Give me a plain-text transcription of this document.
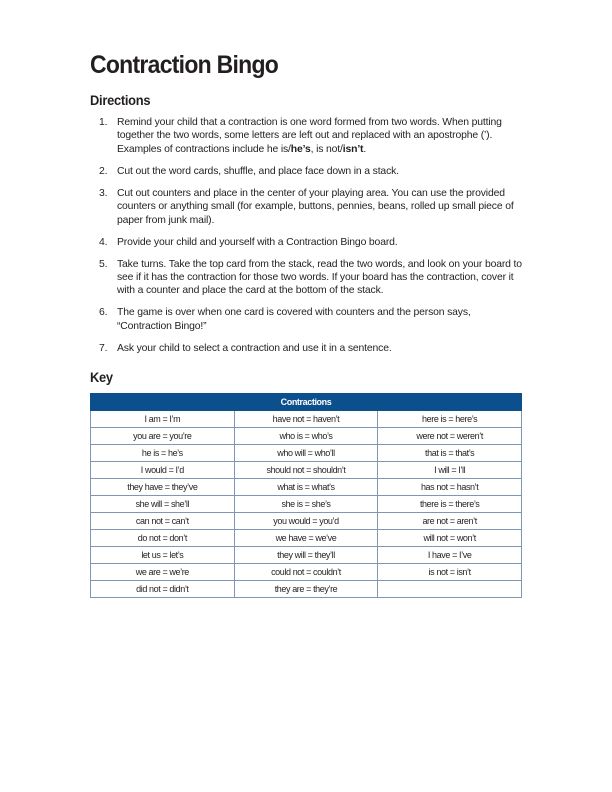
Contraction Bingo
Directions
1. Remind your child that a contraction is one word formed from two words. When putting together the two words, some letters are left out and replaced with an apostrophe (’). Examples of contractions include he is/he’s, is not/isn’t.
2. Cut out the word cards, shuffle, and place face down in a stack.
3. Cut out counters and place in the center of your playing area. You can use the provided counters or anything small (for example, buttons, pennies, beans, rolled up small piece of paper from junk mail).
4. Provide your child and yourself with a Contraction Bingo board.
5. Take turns. Take the top card from the stack, read the two words, and look on your board to see if it has the contraction for those two words. If your board has the contraction, cover it with a counter and place the card at the bottom of the stack.
6. The game is over when one card is covered with counters and the person says, “Contraction Bingo!”
7. Ask your child to select a contraction and use it in a sentence.
Key
Contractions		
I am = I’m	have not = haven’t	here is = here’s
you are = you’re	who is = who’s	were not = weren’t
he is = he’s	who will = who’ll	that is = that’s
I would = I’d	should not = shouldn’t	I will = I’ll
they have = they’ve	what is = what’s	has not = hasn’t
she will = she’ll	she is = she’s	there is = there’s
can not = can’t	you would = you’d	are not = aren’t
do not = don’t	we have = we’ve	will not = won’t
let us = let’s	they will = they’ll	I have = I’ve
we are = we’re	could not = couldn’t	is not = isn’t
did not = didn’t	they are = they’re	
